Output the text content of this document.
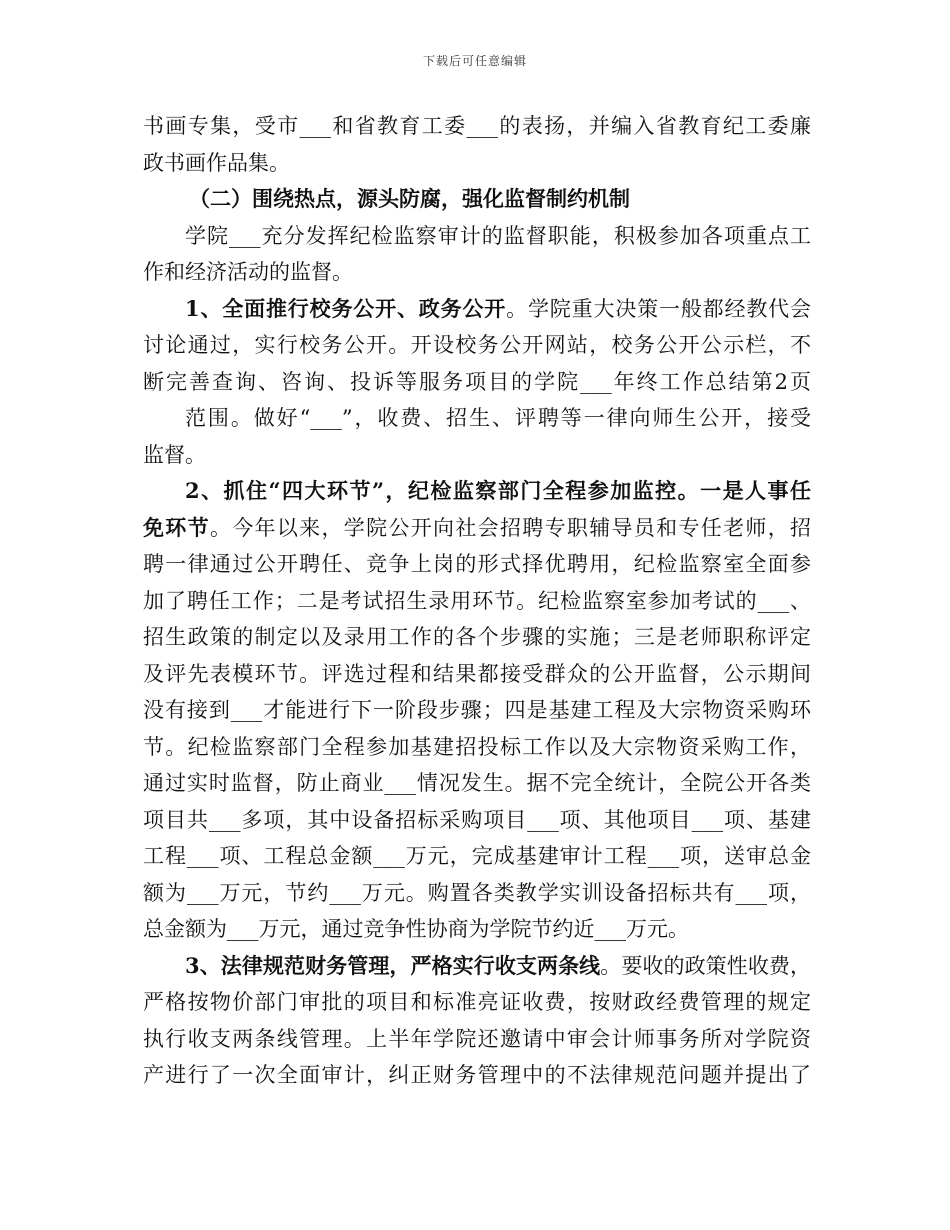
下载后可任意编辑
书画专集，受市___和省教育工委___的表扬，并编入省教育纪工委廉
政书画作品集。
（二）围绕热点，源头防腐，强化监督制约机制
学院___充分发挥纪检监察审计的监督职能，积极参加各项重点工
作和经济活动的监督。
1、全面推行校务公开、政务公开。学院重大决策一般都经教代会
讨论通过，实行校务公开。开设校务公开网站，校务公开公示栏，不
断完善查询、咨询、投诉等服务项目的学院___年终工作总结第2页
范围。做好“___”，收费、招生、评聘等一律向师生公开，接受
监督。
2、抓住“四大环节”，纪检监察部门全程参加监控。一是人事任
免环节。今年以来，学院公开向社会招聘专职辅导员和专任老师，招
聘一律通过公开聘任、竞争上岗的形式择优聘用，纪检监察室全面参
加了聘任工作；二是考试招生录用环节。纪检监察室参加考试的___、
招生政策的制定以及录用工作的各个步骤的实施；三是老师职称评定
及评先表模环节。评选过程和结果都接受群众的公开监督，公示期间
没有接到___才能进行下一阶段步骤；四是基建工程及大宗物资采购环
节。纪检监察部门全程参加基建招投标工作以及大宗物资采购工作，
通过实时监督，防止商业___情况发生。据不完全统计，全院公开各类
项目共___多项，其中设备招标采购项目___项、其他项目___项、基建
工程___项、工程总金额___万元，完成基建审计工程___项，送审总金
额为___万元，节约___万元。购置各类教学实训设备招标共有___项，
总金额为___万元，通过竞争性协商为学院节约近___万元。
3、法律规范财务管理，严格实行收支两条线。要收的政策性收费，
严格按物价部门审批的项目和标准亮证收费，按财政经费管理的规定
执行收支两条线管理。上半年学院还邀请中审会计师事务所对学院资
产进行了一次全面审计，纠正财务管理中的不法律规范问题并提出了
